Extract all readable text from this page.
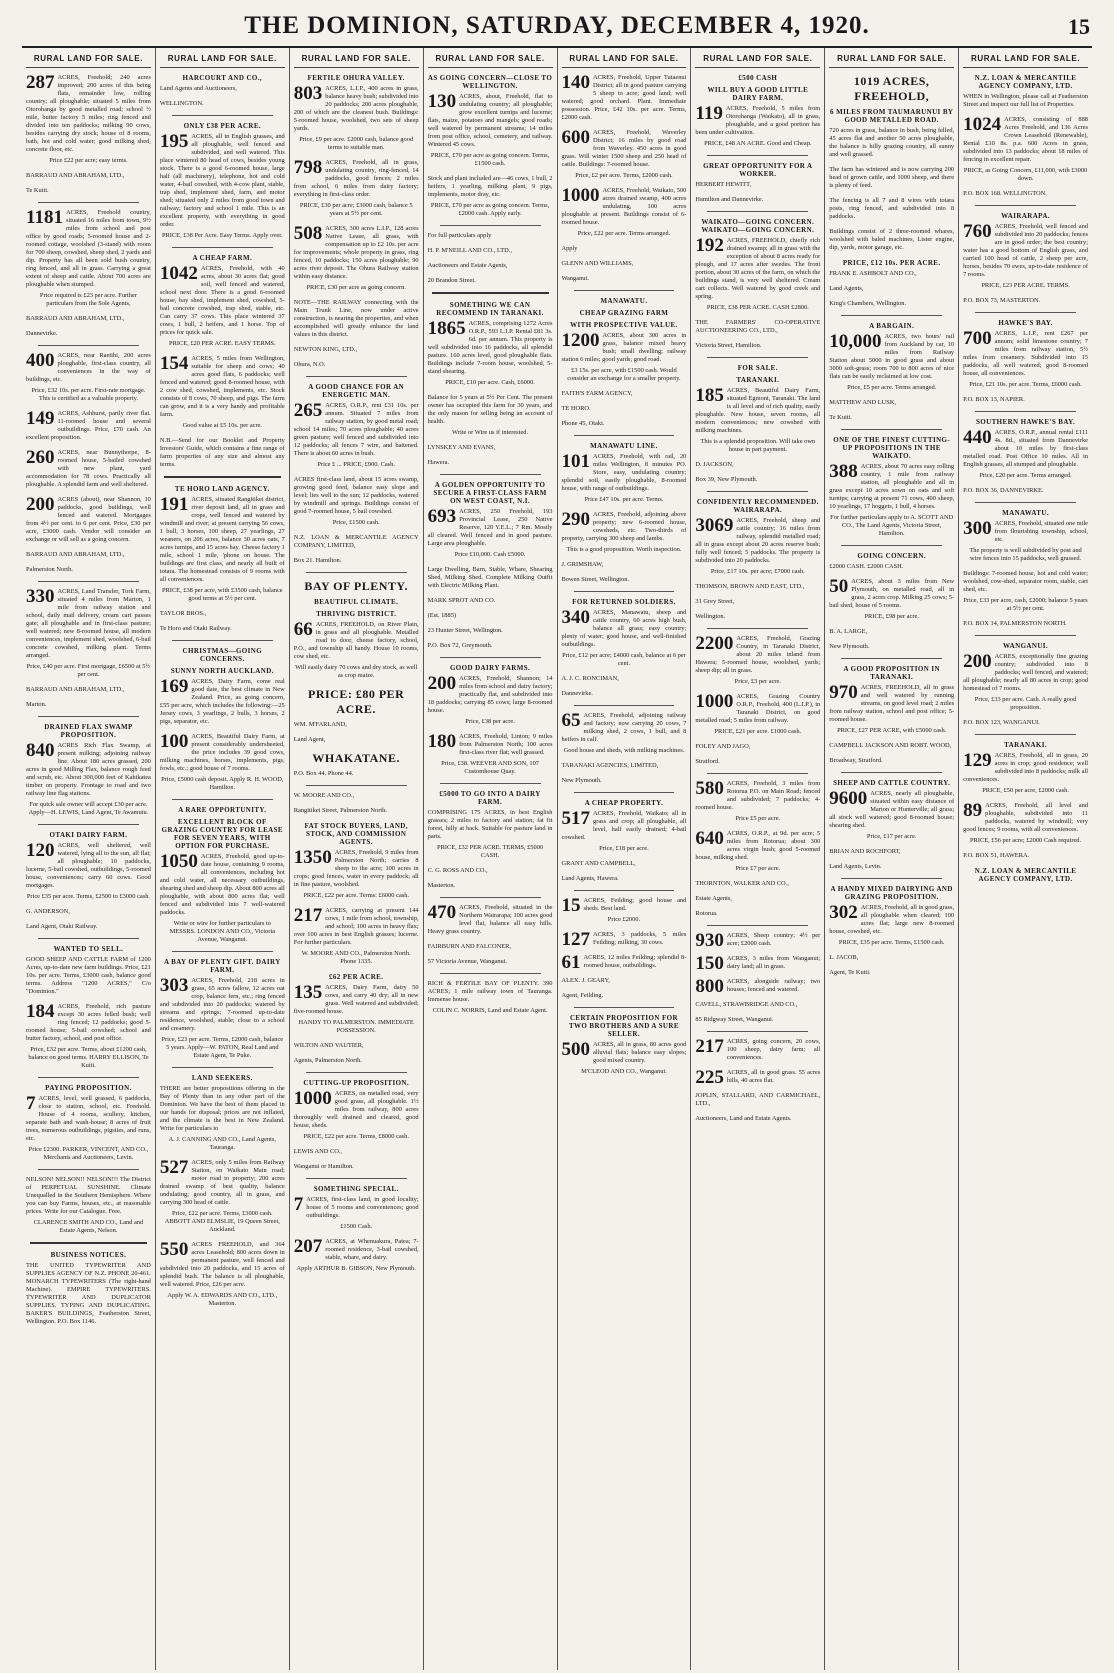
THE DOMINION, SATURDAY, DECEMBER 4, 1920.	15
RURAL LAND FOR SALE.
287 ACRES, Freehold; 240 acres improved; 200 acres of this being flats, remainder low, rolling country; all ploughable; situated 5 miles from Otorohanga by good metalled road; school ½ mile, butter factory 5 miles; ring fenced and divided into ten paddocks; milking 90 cows, besides carrying dry stock; house of 8 rooms, bath, hot and cold water; good milking shed, concrete floor, etc.
Price £22 per acre; easy terms.
BARRAUD AND ABRAHAM, LTD.,
Te Kuiti.
1181 ACRES, Freehold country, situated 16 miles from town, 9½ miles from school and post office by good roads; 5-roomed house and 2-roomed cottage, woolshed (3-stand) with room for 700 sheep, cowshed, sheep shed, 2 yards and dip. Property has all been sold bush country, ring fenced, and all in grass. Carrying a great extent of sheep and cattle. About 700 acres are ploughable when stumped.
Price required is £23 per acre. Further particulars from the Sole Agents,
BARRAUD AND ABRAHAM, LTD.,
Dannevirke.
400 ACRES, near Raetihi, 200 acres ploughable, first-class country, all conveniences in the way of buildings, etc.
Price, £32 10s. per acre. First-rate mortgage. This is certified as a valuable property.
149 ACRES, Ashhurst, partly river flat. 11-roomed house and several outbuildings. Price, £70 cash. An excellent proposition.
260 ACRES, near Bunnythorpe, 8-roomed house, 5-bailed cowshed with new plant, yard accommodation for 78 cows. Practically all ploughable. A splendid farm and well sheltered.
200 ACRES (about), near Shannon, 10 paddocks, good buildings, well fenced and watered. Mortgages from 4½ per cent. to 6 per cent. Price, £30 per acre, £3000 cash. Vendor will consider an exchange or will sell as a going concern.
BARRAUD AND ABRAHAM, LTD.,
Palmerston North.
330 ACRES, Land Transfer, Tork Farm, situated 4 miles from Marton, 1 mile from railway station and school, daily mail delivery, cream cart passes gate; all ploughable and in first-class pasture; well watered; new 8-roomed house, all modern conveniences, implement shed, woolshed, 6-bail concrete cowshed, milking plant. Terms arranged.
Price, £40 per acre. First mortgage, £6500 at 5½ per cent.
BARRAUD AND ABRAHAM, LTD.,
Marton.
DRAINED FLAX SWAMP PROPOSITION.
840 ACRES Rich Flax Swamp, at present milking; adjoining railway line. About 180 acres grassed, 200 acres in good Milling Flax, balance rough feed and scrub, etc. About 300,000 feet of Kahikatea timber on property. Frontage to road and two railway line flag stations.
For quick sale owner will accept £30 per acre. Apply—H. LEWIS, Land Agent, Te Awamutu.
OTAKI DAIRY FARM.
120 ACRES, well sheltered, well watered, lying all to the sun, all flat; all ploughable; 10 paddocks, lucerne, 5-bail cowshed, outbuildings, 5-roomed house, conveniences; carry 60 cows. Good mortgages.
Price £35 per acre. Terms, £2500 to £3000 cash.
G. ANDERSON,
Land Agent, Otaki Railway.
WANTED TO SELL.
GOOD SHEEP AND CATTLE FARM of 1200 Acres, up-to-date new farm buildings. Price, £21 10s. per acre. Terms, £3000 cash, balance good terms. Address "1200 ACRES," C/o "Dominion."
184 ACRES, Freehold, rich pasture except 30 acres felled bush; well ring fenced; 12 paddocks; good 5-roomed house; 5-bail cowshed; school and butter factory, school, and post office.
Price, £32 per acre. Terms, about £1200 cash, balance on good terms. HARRY ELLISON, Te Kuiti.
PAYING PROPOSITION.
7 ACRES, level, well grassed, 6 paddocks, close to station, school, etc. Freehold. House of 4 rooms, scullery, kitchen, separate bath and wash-house; 8 acres of fruit trees, numerous outbuildings, pigsties, and runs, etc.
Price £2300. PARKER, VINCENT, AND CO., Merchants and Auctioneers, Levin.
NELSON! NELSON!! NELSON!!! The District of PERPETUAL SUNSHINE. Climate Unequalled in the Southern Hemisphere. Where you can buy Farms, houses, etc., at reasonable prices. Write for our Catalogue. Free.
CLARENCE SMITH AND CO., Land and Estate Agents, Nelson.
BUSINESS NOTICES.
THE UNITED TYPEWRITER AND SUPPLIES AGENCY OF N.Z. PHONE 20-461. MONARCH TYPEWRITERS (The right-hand Machine). EMPIRE TYPEWRITERS. TYPEWRITER AND DUPLICATOR SUPPLIES. TYPING AND DUPLICATING. BAKER'S BUILDINGS, Featherston Street, Wellington. P.O. Box 1146.
RURAL LAND FOR SALE.
HARCOURT AND CO.,
Land Agents and Auctioneers,
WELLINGTON.
ONLY £38 PER ACRE.
195 ACRES, all in English grasses, and all ploughable, well fenced and subdivided, and well watered. This place wintered 80 head of cows, besides young stock. There is a good 6-roomed house, large half (all machinery), telephone, hot and cold water, 4-bail cowshed, with 4-cow plant, stable, trap shed, implement shed, farm, and motor shed; situated only 2 miles from good town and railway; factory and school 1 mile. This is an excellent property, with everything in good order.
PRICE, £38 Per Acre. Easy Terms. Apply over.
A CHEAP FARM.
1042 ACRES, Freehold, with 40 acres, about 30 acres flat; good soil, well fenced and watered, school next door. There is a good 6-roomed house, bay shed, implement shed, cowshed, 5-bail concrete cowshed, trap shed, stable, etc. Can carry 37 cows. This place wintered 37 cows, 1 bull, 2 heifers, and 1 horse. Top of prices for quick sale.
PRICE, £20 PER ACRE. EASY TERMS.
154 ACRES, 5 miles from Wellington, suitable for sheep and cows; 40 acres good flats, 6 paddocks; well fenced and watered; good 8-roomed house, with 2 cow shed, cowshed, implements, etc. Stock consists of 8 cows, 70 sheep, and pigs. The farm can grow, and it is a very handy and profitable farm.
Good value at £5 10s. per acre.
N.B.—Send for our Booklet and Property Investors' Guide, which contains a fine range of farm properties of any size and almost any terms.
TE HORO LAND AGENCY.
191 ACRES, situated Rangitikei district, river deposit land, all in grass and crops, well fenced and watered by windmill and river; at present carrying 56 cows, 1 bull, 3 horses, 100 sheep, 27 yearlings, 27 weaners, on 206 acres, balance 30 acres oats, 7 acres turnips, and 15 acres hay. Cheese factory 1 mile, school 1 mile, 'phone on house. The buildings are first class, and nearly all built of totara. The homestead consists of 9 rooms with all conveniences.
PRICE, £38 per acre, with £3500 cash, balance good terms at 5½ per cent.
TAYLOR BROS.,
Te Horo and Otaki Railway.
CHRISTMAS—GOING CONCERNS.
SUNNY NORTH AUCKLAND.
169 ACRES, Dairy Farm, come real good date, the best climate in New Zealand. Price, as going concern, £55 per acre, which includes the following:—25 Jersey cows, 3 yearlings, 2 bulls, 3 horses, 2 pigs, separator, etc.
100 ACRES, Beautiful Dairy Farm, at present considerably undersheeted, the price includes 39 good cows, milking machines, horses, implements, pigs, fowls, etc.; good house of 7 rooms.
Price, £5000 cash deposit. Apply R. H. WOOD, Hamilton.
A RARE OPPORTUNITY.
EXCELLENT BLOCK OF GRAZING COUNTRY FOR LEASE FOR SEVEN YEARS, WITH OPTION FOR PURCHASE.
1050 ACRES, Freehold, good up-to-date house, containing 9 rooms, all conveniences, including hot and cold water, all necessary outbuildings, shearing shed and sheep dip. About 800 acres all ploughable, with about 800 acres flat; well fenced and subdivided into 7 well-watered paddocks.
Write or wire for further particulars to MESSRS. LONDON AND CO., Victoria Avenue, Wanganui.
A BAY OF PLENTY GIFT. DAIRY FARM.
303 ACRES, Freehold, 218 acres in grass, 65 acres fallow, 12 acres oat crop, balance fern, etc.; ring fenced and subdivided into 20 paddocks; watered by streams and springs; 7-roomed up-to-date residence, woolshed, stable; close to a school and creamery.
Price, £23 per acre. Terms, £2000 cash, balance 5 years. Apply—W. PATON, Real Land and Estate Agent, Te Puke.
LAND SEEKERS.
THERE are better propositions offering in the Bay of Plenty than in any other part of the Dominion. We have the best of them placed in our hands for disposal; prices are not inflated, and the climate is the best in New Zealand. Write for particulars to
A. J. CANNING AND CO., Land Agents, Tauranga.
527 ACRES, only 5 miles from Railway Station, on Waikato Main road; motor road to property; 200 acres drained swamp of best quality, balance undulating; good country, all in grass, and carrying 300 head of cattle.
Price, £22 per acre. Terms, £3000 cash. ABBOTT AND ELMSLIE, 19 Queen Street, Auckland.
550 ACRES FREEHOLD, and 364 acres Leasehold; 800 acres down in permanent pasture, well fenced and subdivided into 20 paddocks, and 15 acres of splendid bush. The balance is all ploughable, well watered. Price, £26 per acre.
Apply W. A. EDWARDS AND CO., LTD., Masterton.
RURAL LAND FOR SALE.
FERTILE OHURA VALLEY.
803 ACRES, L.I.P., 400 acres in grass, balance heavy bush; subdivided into 20 paddocks; 200 acres ploughable, 200 of which are the cleanest bush. Buildings: 5-roomed house, woolshed, two sets of sheep yards.
Price, £9 per acre. £2000 cash, balance good terms to suitable man.
798 ACRES, Freehold, all in grass, undulating country, ring-fenced, 14 paddocks, good fences; 2 miles from school, 6 miles from dairy factory; everything in first-class order.
PRICE, £30 per acre; £3000 cash, balance 5 years at 5½ per cent.
508 ACRES, 300 acres L.I.P., 128 acres Native Lease, all grass, with compensation up to £2 10s. per acre for improvements; whole property in grass, ring fenced, 10 paddocks; 150 acres ploughable; 90 acres river deposit. The Ohura Railway station within easy distance.
PRICE, £30 per acre as going concern.
NOTE—THE RAILWAY connecting with the Main Trunk Line, now under active construction, is nearing the properties, and when accomplished will greatly enhance the land values in this district.
NEWTON KING, LTD.,
Ohura, N.O.
A GOOD CHANCE FOR AN ENERGETIC MAN.
265 ACRES, O.R.P., rent £31 10s. per annum. Situated 7 miles from railway station, by good metal road; school 14 miles; 70 acres ploughable; 40 acres green pasture; well fenced and subdivided into 12 paddocks; all fences 7 wire, and battened. There is about 60 acres in bush.
Price £ ... PRICE, £900. Cash.
ACRES first-class land, about 15 acres swamp, growing good feed, balance easy slope and level; lies well to the sun; 12 paddocks, watered by windmill and springs. Buildings consist of good 7-roomed house, 5 bail cowshed.
Price, £1500 cash.
N.Z. LOAN & MERCANTILE AGENCY COMPANY, LIMITED,
Box 21. Hamilton.
BAY OF PLENTY.
BEAUTIFUL CLIMATE.
THRIVING DISTRICT.
66 ACRES, FREEHOLD, on River Plain, in grass and all ploughable. Metalled road to door, cheese factory, school, P.O., and township all handy. House 10 rooms, cow shed, etc.
Will easily dairy 70 cows and dry stock, as well as crop maize.
PRICE: £80 PER ACRE.
WM. M'FARLAND,
Land Agent,
WHAKATANE.
P.O. Box 44. Phone 44.
W. MOORE AND CO.,
Rangitikei Street, Palmerston North.
FAT STOCK BUYERS, LAND, STOCK, AND COMMISSION AGENTS.
1350 ACRES, Freehold, 9 miles from Palmerston North; carries 8 sheep to the acre; 100 acres in crops; good fences, water in every paddock; all in fine pasture, woolshed.
PRICE, £22 per acre. Terms: £6000 cash.
217 ACRES, carrying at present 144 cows, 1 mile from school, township, and school; 100 acres in heavy flax; over 100 acres in best English grasses; lucerne. For further particulars.
W. MOORE AND CO., Palmerston North. Phone 1335.
£62 PER ACRE.
135 ACRES, Dairy Farm, dairy 50 cows, and carry 40 dry; all in new grass. Well watered and subdivided; five-roomed house.
HANDY TO PALMERSTON. IMMEDIATE POSSESSION.
WILTON AND VAUTIER,
Agents, Palmerston North.
CUTTING-UP PROPOSITION.
1000 ACRES, on metalled road, very good grass, all ploughable. 1½ miles from railway, 800 acres thoroughly well drained and cleared, good house, sheds.
PRICE, £22 per acre. Terms, £8000 cash.
LEWIS AND CO.,
Wanganui or Hamilton.
SOMETHING SPECIAL.
7 ACRES, first-class land, in good locality; house of 5 rooms and conveniences; good outbuildings.
£1500 Cash.
207 ACRES, at Whenuakura, Patea; 7-roomed residence, 3-bail cowshed, stable, whare, and dairy.
Apply ARTHUR B. GIBSON, New Plymouth.
RURAL LAND FOR SALE.
AS GOING CONCERN—CLOSE TO WELLINGTON.
130 ACRES, about, Freehold, flat to undulating country; all ploughable; grow excellent turnips and lucerne; flats, maize, potatoes and mangels; good roads; well watered by permanent streams; 14 miles from post office, school, cemetery, and railway. Wintered 45 cows.
PRICE, £70 per acre as going concern. Terms, £1500 cash.
Stock and plant included are—46 cows, 1 bull, 2 heifers, 1 yearling, milking plant, 9 pigs, implements, motor dray, etc.
PRICE, £70 per acre as going concern. Terms, £2000 cash. Apply early.
For full particulars apply
H. P. M'NEILL AND CO., LTD.,
Auctioneers and Estate Agents,
20 Brandon Street.
SOMETHING WE CAN RECOMMEND IN TARANAKI.
1865 ACRES, comprising 1272 Acres O.R.P., 593 L.I.P. Rental £81 3s. 6d. per annum. This property is well subdivided into 16 paddocks, all splendid pasture. 160 acres level, good ploughable flats. Buildings include 7-room house, woolshed, 5-stand shearing.
PRICE, £10 per acre. Cash, £6000.
Balance for 5 years at 5½ Per Cent. The present owner has occupied this farm for 30 years, and the only reason for selling being an account of health.
Write or Wire us if interested.
LYNSKEY AND EVANS,
Hawera.
A GOLDEN OPPORTUNITY TO SECURE A FIRST-CLASS FARM ON WEST COAST, N.I.
693 ACRES, 250 Freehold, 193 Provincial Lease, 250 Native Reserve, 120 Y.E.L.; 7 Rm. Mostly all cleared. Well fenced and in good pasture. Large area ploughable.
Price £10,000. Cash £5000.
Large Dwelling, Barn, Stable, Whare, Shearing Shed, Milking Shed. Complete Milking Outfit with Electric Milking Plant.
MARK SPROT AND CO.
(Est. 1885)
23 Hunter Street, Wellington.
P.O. Box 72, Greymouth.
GOOD DAIRY FARMS.
200 ACRES, Freehold, Shannon; 14 miles from school and dairy factory; practically flat, and subdivided into 18 paddocks; carrying 85 cows; large 8-roomed house.
Price, £38 per acre.
180 ACRES, Freehold, Linton; 9 miles from Palmerston North; 100 acres first-class river flat; well grassed.
Price, £38. WEEVER AND SON, 107 Customhouse Quay.
£5000 TO GO INTO A DAIRY FARM.
COMPRISING 175 ACRES, in best English grasses; 2 miles to factory and station; fat fit forest, hilly at back. Suitable for pasture land in parts.
PRICE, £32 PER ACRE. TERMS, £5000 CASH.
C. G. ROSS AND CO.,
Masterton.
470 ACRES, Freehold, situated in the Northern Wairarapa; 100 acres good level flat, balance all easy hills. Heavy grass country.
FAIRBURN AND FALCONER,
57 Victoria Avenue, Wanganui.
RICH & FERTILE BAY OF PLENTY. 390 ACRES; 1 mile railway town of Tauranga. Immense house.
COLIN C. NORRIS, Land and Estate Agent.
RURAL LAND FOR SALE.
140 ACRES, Freehold, Upper Tutaenui District; all in good pasture carrying 5 sheep to acre; good land; well watered; good orchard. Plant. Immediate possession. Price, £42 10s. per acre. Terms, £2000 cash.
600 ACRES, Freehold, Waverley District; 16 miles by good road from Waverley. 450 acres in good grass. Will winter 1500 sheep and 250 head of cattle. Buildings: 7-roomed house.
Price, £2 per acre. Terms, £2000 cash.
1000 ACRES, Freehold, Waikato, 500 acres drained swamp, 400 acres undulating, 100 acres ploughable at present. Buildings consist of 6-roomed house.
Price, £22 per acre. Terms arranged.
Apply
GLENN AND WILLIAMS,
Wanganui.
MANAWATU.
CHEAP GRAZING FARM
WITH PROSPECTIVE VALUE.
1200 ACRES, about 300 acres in grass, balance mixed heavy bush; small dwelling; railway station 6 miles; good yards; good road.
£3 15s. per acre, with £1500 cash. Would consider an exchange for a smaller property.
FAITH'S FARM AGENCY,
TE HORO.
Phone 45, Otaki.
MANAWATU LINE.
101 ACRES, Freehold, with rail, 20 miles Wellington, 8 minutes PO. Store, easy, undulating country; splendid soil, easily ploughable, 8-roomed house, with range of outbuildings.
Price £47 10s. per acre. Terms.
290 ACRES, Freehold, adjoining above property; new 6-roomed house, cowsheds, etc. Two-thirds of property, carrying 300 sheep and lambs.
This is a good proposition. Worth inspection.
J. GRIMSHAW,
Bowen Street, Wellington.
FOR RETURNED SOLDIERS.
340 ACRES, Manawatu, sheep and cattle country, 60 acres high bush, balance all grass; easy country; plenty of water; good house, and well-finished outbuildings.
Price, £12 per acre; £4000 cash, balance at 6 per cent.
A. J. C. RONCIMAN,
Dannevirke.
65 ACRES, Freehold, adjoining railway and factory; now carrying 20 cows, 7 milking shed, 2 cows, 1 bull, and 8 heifers in calf.
Good house and sheds, with milking machines.
TARANAKI AGENCIES, LIMITED,
New Plymouth.
A CHEAP PROPERTY.
517 ACRES, Freehold, Waikato; all in grass and crop; all ploughable, all level, half easily drained; 4-bail cowshed.
Price, £18 per acre.
GRANT AND CAMPBELL,
Land Agents, Hawera.
15 ACRES, Feilding; good house and sheds. Best land.
Price £2000.
127 ACRES, 3 paddocks, 5 miles Feilding; milking, 30 cows.
61 ACRES, 12 miles Feilding; splendid 8-roomed house, outbuildings.
ALEX. J. GEARY,
Agent, Feilding.
CERTAIN PROPOSITION FOR TWO BROTHERS AND A SURE SELLER.
500 ACRES, all in grass, 80 acres good alluvial flats; balance easy slopes; good mixed country.
M'CLEOD AND CO., Wanganui.
RURAL LAND FOR SALE.
£500 CASH
WILL BUY A GOOD LITTLE DAIRY FARM.
119 ACRES, Freehold, 5 miles from Otorohanga (Waikato), all in grass, ploughable, and a good portion has been under cultivation.
PRICE, £48 AN ACRE. Good and Cheap.
GREAT OPPORTUNITY FOR A WORKER.
HERBERT HEWITT,
Hamilton and Dannevirke.
WAIKATO—GOING CONCERN. WAIKATO—GOING CONCERN.
192 ACRES, FREEHOLD, chiefly rich drained swamp; all in grass with the exception of about 8 acres ready for plough, and 17 acres after swedes. The front portion, about 30 acres of the farm, on which the buildings stand, is very well sheltered. Cream cart collects. Well watered by good creek and spring.
PRICE, £38 PER ACRE. CASH £2800.
THE FARMERS' CO-OPERATIVE AUCTIONEERING CO., LTD.,
Victoria Street, Hamilton.
FOR SALE.
TARANAKI.
185 ACRES, Beautiful Dairy Farm, situated Egmont, Taranaki. The land is all level and of rich quality, easily ploughable. New house, seven rooms, all modern conveniences; new cowshed with milking machines.
This is a splendid proposition. Will take own house in part payment.
D. JACKSON,
Box 39, New Plymouth.
CONFIDENTLY RECOMMENDED. WAIRARAPA.
3069 ACRES, Freehold, sheep and cattle country; 16 miles from railway, splendid metalled road; all in grass except about 20 acres reserve bush; fully well fenced; 5 paddocks. The property is subdivided into 20 paddocks.
Price, £17 10s. per acre; £7000 cash.
THOMSON, BROWN AND EAST, LTD.,
31 Grey Street,
Wellington.
2200 ACRES, Freehold, Grazing Country, in Taranaki District, about 20 miles inland from Hawera; 5-roomed house, woolshed, yards; sheep dip; all in grass.
Price, £3 per acre.
1000 ACRES, Grazing Country O.R.P., Freehold, 400 (L.I.P.), in Taranaki District, on good metalled road; 5 miles from railway.
PRICE, £21 per acre. £1000 cash.
FOLEY AND JAGO,
Stratford.
580 ACRES, Freehold, 3 miles from Rotorua P.O. on Main Road; fenced and subdivided; 7 paddocks; 4-roomed house.
Price £5 per acre.
640 ACRES, O.R.P., at 9d. per acre; 5 miles from Rotorua; about 300 acres virgin bush; good 5-roomed house, milking shed.
Price £7 per acre.
THORNTON, WALKER AND CO.,
Estate Agents,
Rotorua.
930 ACRES, Sheep country; 4½ per acre; £2000 cash.
150 ACRES, 3 miles from Wanganui; dairy land; all in grass.
800 ACRES, alongside railway; two houses; fenced and watered.
CAVELL, STRAWBRIDGE AND CO.,
85 Ridgway Street, Wanganui.
217 ACRES, going concern, 20 cows, 100 sheep, dairy farm; all conveniences.
225 ACRES, all in good grass. 55 acres hills, 40 acres flat.
JOPLIN, STALLARD, AND CARMICHAEL, LTD.,
Auctioneers, Land and Estate Agents.
RURAL LAND FOR SALE.
1019 ACRES, FREEHOLD,
6 MILES FROM TAUMARUNUI BY GOOD METALLED ROAD.
720 acres in grass, balance in bush, being felled, 45 acres flat and another 50 acres ploughable, the balance is hilly grazing country, all sunny and well grassed.
The farm has wintered and is now carrying 200 head of grown cattle, and 1000 sheep, and there is plenty of feed.
The fencing is all 7 and 8 wires with totara posts, ring fenced, and subdivided into 8 paddocks.
Buildings consist of 2 three-roomed whares, woolshed with baled machines, Lister engine, dip, yards, motor garage, etc.
PRICE, £12 10s. PER ACRE.
FRANK E. ASHBOLT AND CO.,
Land Agents,
King's Chambers, Wellington.
A BARGAIN.
10,000 ACRES, two hours' rail from Auckland by car, 10 miles from Railway Station about 5000 in good grass and about 3000 soft-grass; room 700 to 800 acres of nice flats can be easily reclaimed at low cost.
Price, £5 per acre. Terms arranged.
MATTHEW AND LUSK,
Te Kuiti.
ONE OF THE FINEST CUTTING-UP PROPOSITIONS IN THE WAIKATO.
388 ACRES, about 70 acres easy rolling country, 1 mile from railway station, all ploughable and all in grass except 10 acres sown on oats and soft turnips; carrying at present 71 cows, 400 sheep, 10 yearlings, 17 hoggets, 1 bull, 4 horses.
For further particulars apply to A. SCOTT AND CO., The Land Agents, Victoria Street, Hamilton.
GOING CONCERN.
£2000 CASH. £2000 CASH.
50 ACRES, about 3 miles from New Plymouth, on metalled road, all in grass, 2 acres crop. Milking 25 cows; 5-bail shed, house of 5 rooms.
PRICE, £98 per acre.
B. A. LARGE,
New Plymouth.
A GOOD PROPOSITION IN TARANAKI.
970 ACRES, FREEHOLD, all in grass and well watered by running streams, on good level road; 2 miles from railway station, school and post office; 5-roomed house.
PRICE, £27 PER ACRE, with £5000 cash.
CAMPBELL JACKSON AND ROBT. WOOD,
Broadway, Stratford.
SHEEP AND CATTLE COUNTRY.
9600 ACRES, nearly all ploughable, situated within easy distance of Marton or Hunterville; all grass; all stock well watered; good 8-roomed house; shearing shed.
Price, £17 per acre.
BRIAN AND ROCHFORT,
Land Agents, Levin.
A HANDY MIXED DAIRYING AND GRAZING PROPOSITION.
302 ACRES, Freehold, all in good grass, all ploughable when cleared; 100 acres flat; large new 8-roomed house, cowshed, etc.
PRICE, £35 per acre. Terms, £1500 cash.
L. JACOB,
Agent, Te Kuiti.
RURAL LAND FOR SALE.
N.Z. LOAN & MERCANTILE AGENCY COMPANY, LTD.
WHEN in Wellington, please call at Featherston Street and inspect our full list of Properties.
1024 ACRES, consisting of 888 Acres Freehold, and 136 Acres Crown Leasehold (Renewable), Rental £10 8s. p.a. 600 Acres in grass, subdivided into 13 paddocks; about 18 miles of fencing in excellent repair.
PRICE, as Going Concern, £11,000, with £3000 down.
P.O. BOX 168. WELLINGTON.
WAIRARAPA.
760 ACRES, Freehold, well fenced and subdivided into 20 paddocks; fences are in good order; the best country; water has a good bottom of English grass, and carried 100 head of cattle, 2 sheep per acre, horses, besides 70 ewes, up-to-date residence of 7 rooms.
PRICE, £23 PER ACRE. TERMS.
P.O. BOX 73, MASTERTON.
HAWKE'S BAY.
700 ACRES, L.I.P., rent £267 per annum; solid limestone country; 7 miles from railway station, 5½ miles from creamery. Subdivided into 15 paddocks, all well watered; good 8-roomed house, all conveniences.
Price, £21 10s. per acre. Terms, £6000 cash.
P.O. BOX 13, NAPIER.
SOUTHERN HAWKE'S BAY.
440 ACRES, O.R.P., annual rental £111 4s. 8d., situated from Dannevirke about 10 miles by first-class metalled road. Post Office 10 miles. All in English grasses, all stumped and ploughable.
Price, £20 per acre. Terms arranged.
P.O. BOX 36, DANNEVIRKE.
MANAWATU.
300 ACRES, Freehold, situated one mile from flourishing township, school, etc.
The property is well subdivided by post and wire fences into 15 paddocks, well grassed.
Buildings: 7-roomed house, hot and cold water; woolshed, cow-shed, separator room, stable, cart shed, etc.
Price, £33 per acre, cash, £2000; balance 5 years at 5½ per cent.
P.O. BOX 14, PALMERSTON NORTH.
WANGANUI.
200 ACRES, exceptionally fine grazing country; subdivided into 8 paddocks; well fenced, and watered; all ploughable; nearly all 80 acres in crop; good homestead of 7 rooms.
Price, £33 per acre. Cash. A really good proposition.
P.O. BOX 123, WANGANUI.
TARANAKI.
129 ACRES, Freehold, all in grass, 20 acres in crop; good residence; well subdivided into 8 paddocks; milk all conveniences.
PRICE, £50 per acre, £2000 cash.
89 ACRES, Freehold, all level and ploughable, subdivided into 11 paddocks, watered by windmill; very good fences; 9 rooms, with all conveniences.
PRICE, £56 per acre; £2000 Cash required.
P.O. BOX 51, HAWERA.
N.Z. LOAN & MERCANTILE AGENCY COMPANY, LTD.
